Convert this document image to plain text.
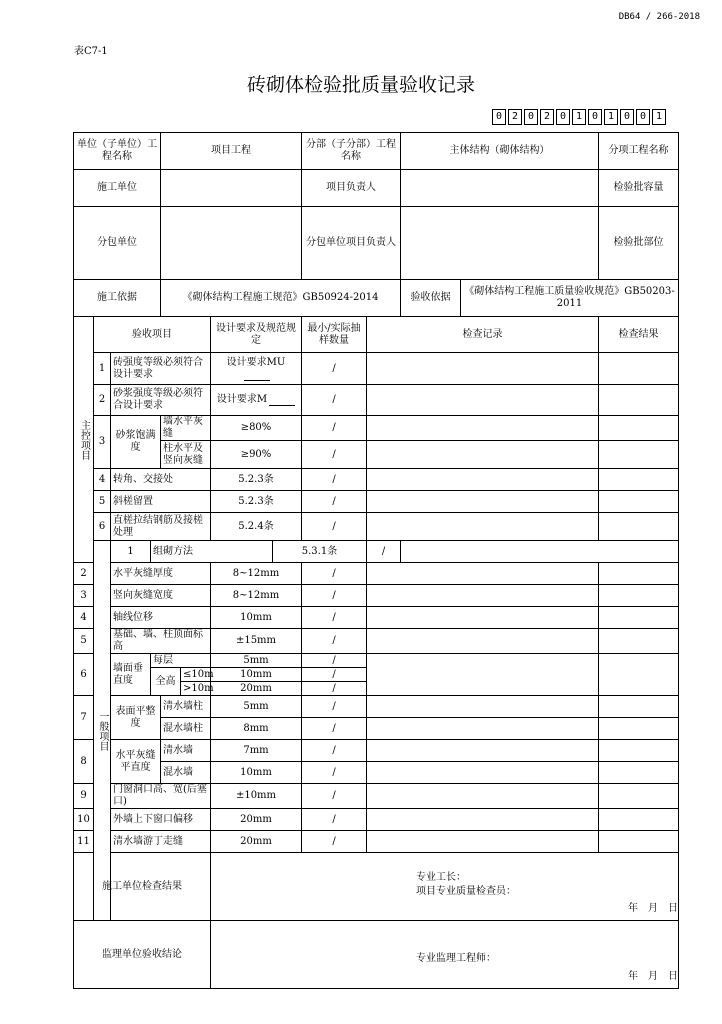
DB64 / 266-2018
表C7-1
砖砌体检验批质量验收记录
0 2 0 2 0 1 0 1 0 0 1
单位（子单位）工程名称				项目工程				分部（子分部）工程名称		主体结构（砌体结构）		分项工程名称	
施工单位								项目负责人				检验批容量	
分包单位								分包单位项目负责人				检验批部位	
施工依据				《砌体结构工程施工规范》GB50924-2014						验收依据	《砌体结构工程施工质量验收规范》GB50203-2011		
主控项目	验收项目					设计要求及规范规定		最小/实际抽样数量	检查记录			检查结果	
	1	砖强度等级必须符合设计要求				设计要求MU		/					
	2	砂浆强度等级必须符合设计要求				设计要求M		/					
	3	砂浆饱满度		墙水平灰缝		≥80%		/					
				柱水平及竖向灰缝		≥90%		/					
	4	转角、交接处				5.2.3条		/					
	5	斜槎留置				5.2.3条		/					
	6	直槎拉结钢筋及接槎处理				5.2.4条		/					
	一般项目	1	组砌方法				5.3.1条		/				
2		水平灰缝厚度				8~12mm		/					
3		竖向灰缝宽度				8~12mm		/					
4		轴线位移				10mm		/					
5		基础、墙、柱顶面标高				±15mm		/					
6		墙面垂直度	每层			5mm		/					
			全高		≤10m	10mm		/					
					>10m	20mm		/					
7		表面平整度		清水墙柱		5mm		/					
				混水墙柱		8mm		/					
8		水平灰缝平直度		清水墙		7mm		/					
				混水墙		10mm		/					
9		门窗洞口高、宽(后塞口)				±10mm		/					
10		外墙上下窗口偏移				20mm		/					
11		清水墙游丁走缝				20mm		/					
施工单位检查结果						专业工长：
项目专业质量检查员：
年　月　日							

监理单位验收结论						专业监理工程师：
年　月　日							
